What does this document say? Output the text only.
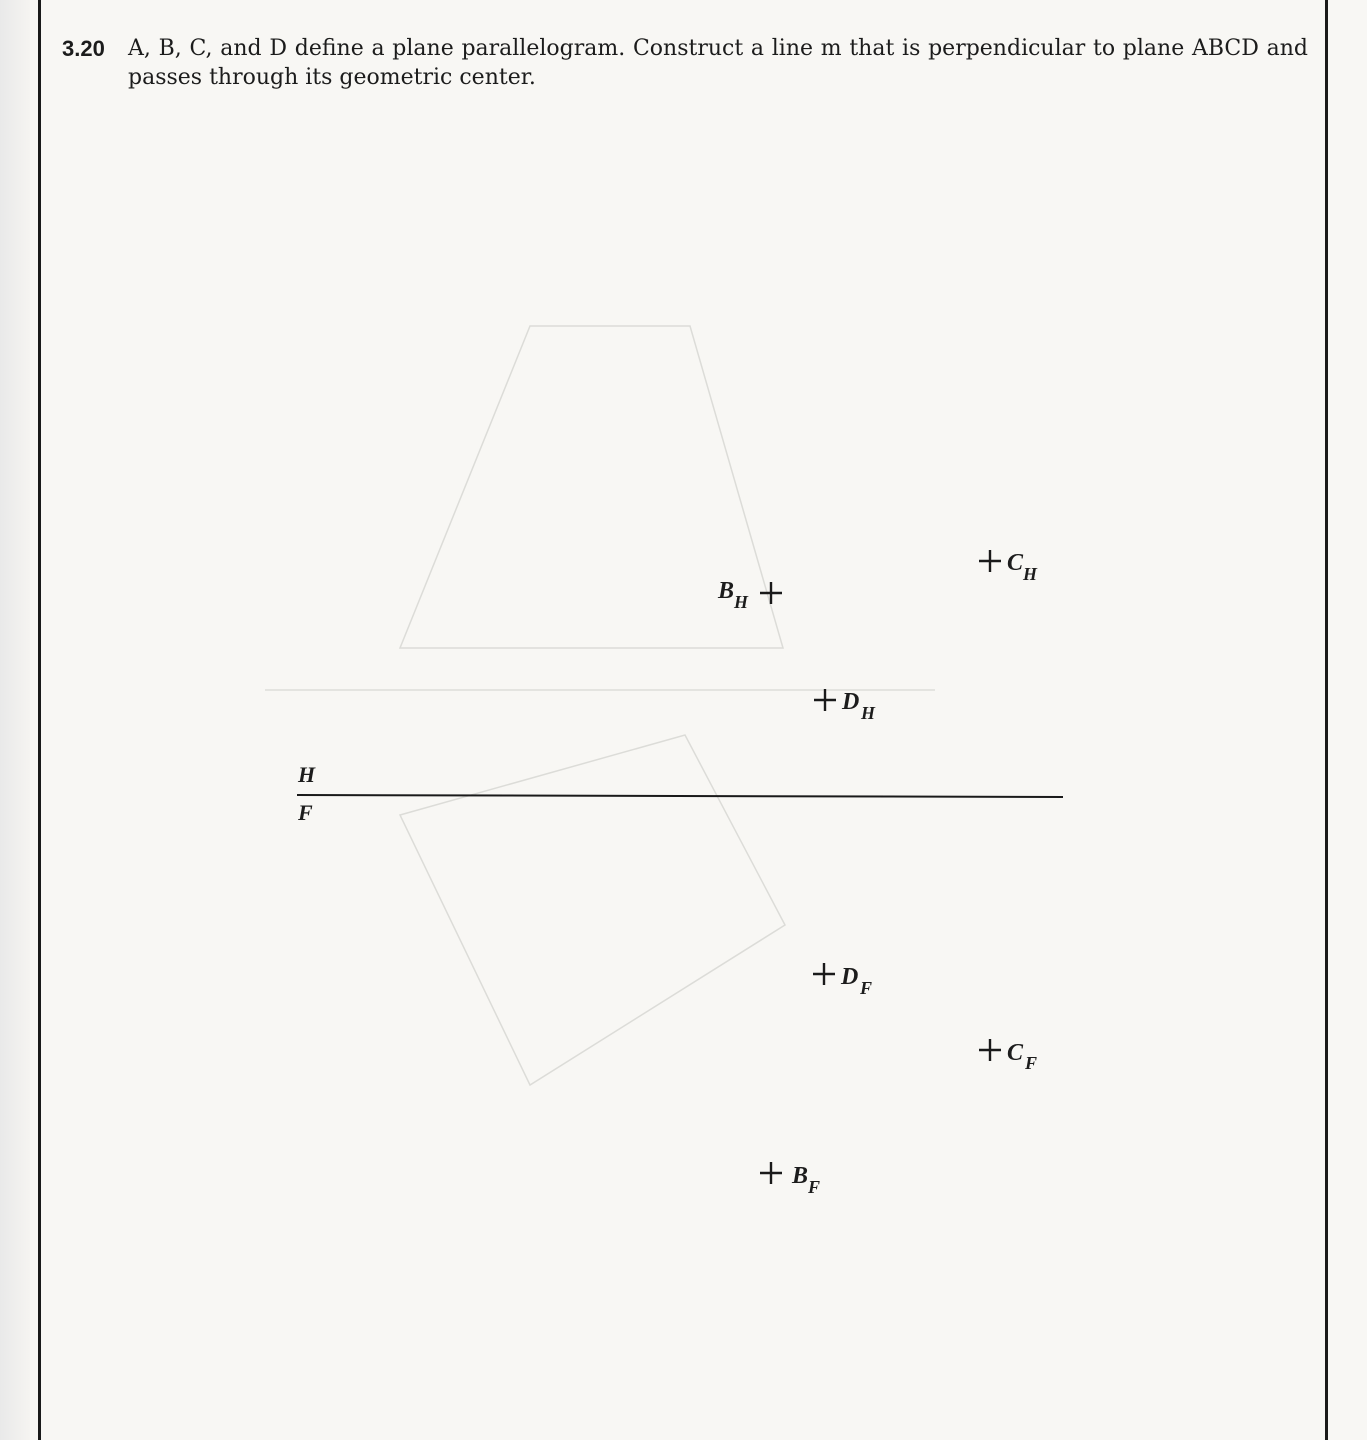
3.20 A, B, C, and D define a plane parallelogram. Construct a line m that is perpendicular to plane ABCD and passes through its geometric center.
H
F
B H
C H
D H
D F
C F
B F
